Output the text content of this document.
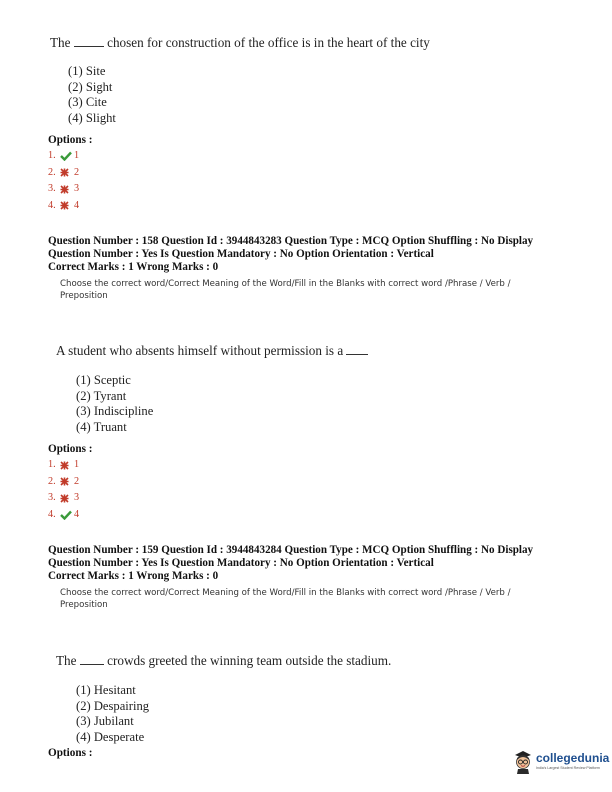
The	chosen for construction of the office is in the heart of the city
(1) Site
(2) Sight
(3) Cite
(4) Slight
Options :
1.	1
2.	2
3.	3
4.	4
Question Number : 158 Question Id : 3944843283 Question Type : MCQ Option Shuffling : No Display
Question Number : Yes Is Question Mandatory : No Option Orientation : Vertical
Correct Marks : 1 Wrong Marks : 0
Choose the correct word/Correct Meaning of the Word/Fill in the Blanks with correct word /Phrase / Verb / Preposition
A student who absents himself without permission is a
(1) Sceptic
(2) Tyrant
(3) Indiscipline
(4) Truant
Options :
1.	1
2.	2
3.	3
4.	4
Question Number : 159 Question Id : 3944843284 Question Type : MCQ Option Shuffling : No Display
Question Number : Yes Is Question Mandatory : No Option Orientation : Vertical
Correct Marks : 1 Wrong Marks : 0
Choose the correct word/Correct Meaning of the Word/Fill in the Blanks with correct word /Phrase / Verb / Preposition
The crowds greeted the winning team outside the stadium.
(1) Hesitant
(2) Despairing
(3) Jubilant
(4) Desperate
Options :	collegedunia
India's Largest Student Review Platform
